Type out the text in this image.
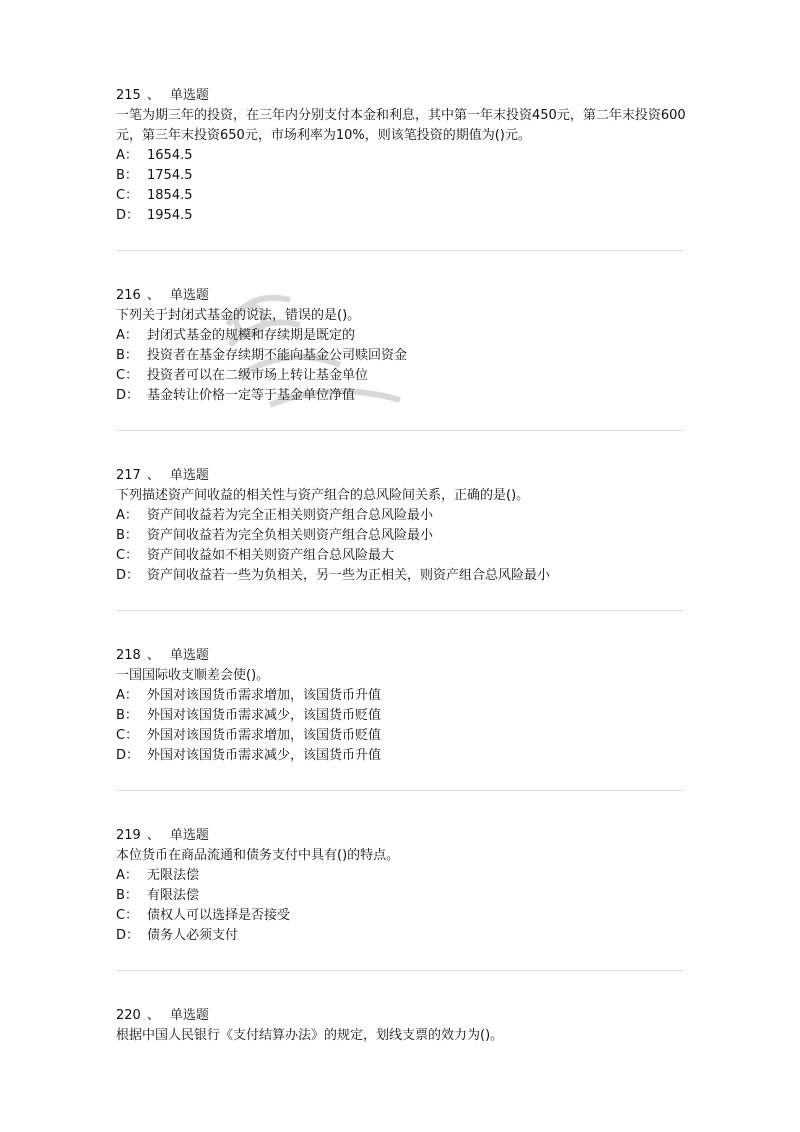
215 、 单选题

一笔为期三年的投资，在三年内分别支付本金和利息，其中第一年末投资450元，第二年末投资600元，第三年末投资650元，市场利率为10%，则该笔投资的期值为()元。

A： 1654.5

B： 1754.5

C： 1854.5

D： 1954.5

216 、 单选题

下列关于封闭式基金的说法，错误的是()。

A： 封闭式基金的规模和存续期是既定的

B： 投资者在基金存续期不能向基金公司赎回资金

C： 投资者可以在二级市场上转让基金单位

D： 基金转让价格一定等于基金单位净值

217 、 单选题

下列描述资产间收益的相关性与资产组合的总风险间关系，正确的是()。

A： 资产间收益若为完全正相关则资产组合总风险最小

B： 资产间收益若为完全负相关则资产组合总风险最小

C： 资产间收益如不相关则资产组合总风险最大

D： 资产间收益若一些为负相关，另一些为正相关，则资产组合总风险最小

218 、 单选题

一国国际收支顺差会使()。

A： 外国对该国货币需求增加，该国货币升值

B： 外国对该国货币需求减少，该国货币贬值

C： 外国对该国货币需求增加，该国货币贬值

D： 外国对该国货币需求减少，该国货币升值

219 、 单选题

本位货币在商品流通和债务支付中具有()的特点。

A： 无限法偿

B： 有限法偿

C： 债权人可以选择是否接受

D： 债务人必须支付

220 、 单选题

根据中国人民银行《支付结算办法》的规定，划线支票的效力为()。
